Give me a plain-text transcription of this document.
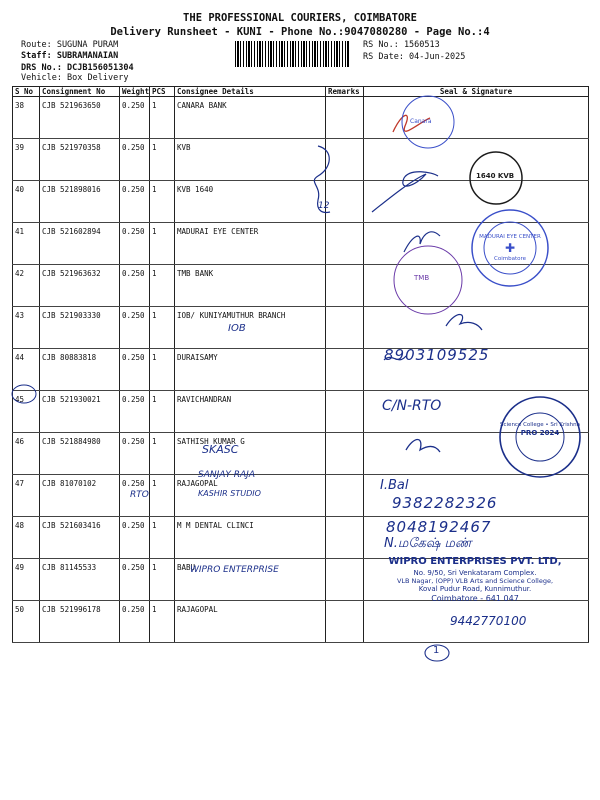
THE PROFESSIONAL COURIERS, COIMBATORE
Delivery Runsheet - KUNI - Phone No.:9047080280 - Page No.:4
Route: SUGUNA PURAM
Staff: SUBRAMANAIAN
DRS No.: DCJB156051304
Vehicle: Box Delivery
RS No.: 1560513
RS Date: 04-Jun-2025
S No	Consignment No	Weight	PCS	Consignee Details	Remarks	Seal & Signature
38	CJB 521963650	0.250	1	CANARA BANK		
39	CJB 521970358	0.250	1	KVB		
40	CJB 521898016	0.250	1	KVB 1640		
41	CJB 521602894	0.250	1	MADURAI EYE CENTER		
42	CJB 521963632	0.250	1	TMB BANK		
43	CJB 521903330	0.250	1	IOB/ KUNIYAMUTHUR BRANCH		
44	CJB 80883818	0.250	1	DURAISAMY		
45	CJB 521930021	0.250	1	RAVICHANDRAN		
46	CJB 521884980	0.250	1	SATHISH KUMAR G		
47	CJB 81070102	0.250	1	RAJAGOPAL		
48	CJB 521603416	0.250	1	M M DENTAL CLINCI		
49	CJB 81145533	0.250	1	BABU		
50	CJB 521996178	0.250	1	RAJAGOPAL		
Canara
1640 KVB
TMB
MADURAI EYE CENTER
✚
Coimbatore
Science College • Sri Krishna
PRO 2024
12
IOB
8903109525
C/N-RTO
SKASC
SANJAY RAJA
KASHIR STUDIO
RTO
I.Bal
9382282326
8048192467
N.மகேஷ் மண்
WIPRO ENTERPRISE
9442770100
1
WIPRO ENTERPRISES PVT. LTD,
No. 9/50, Sri Venkataram Complex.
VLB Nagar, (OPP) VLB Arts and Science College,
Koval Pudur Road, Kunnimuthur.
Coimbatore - 641 047
